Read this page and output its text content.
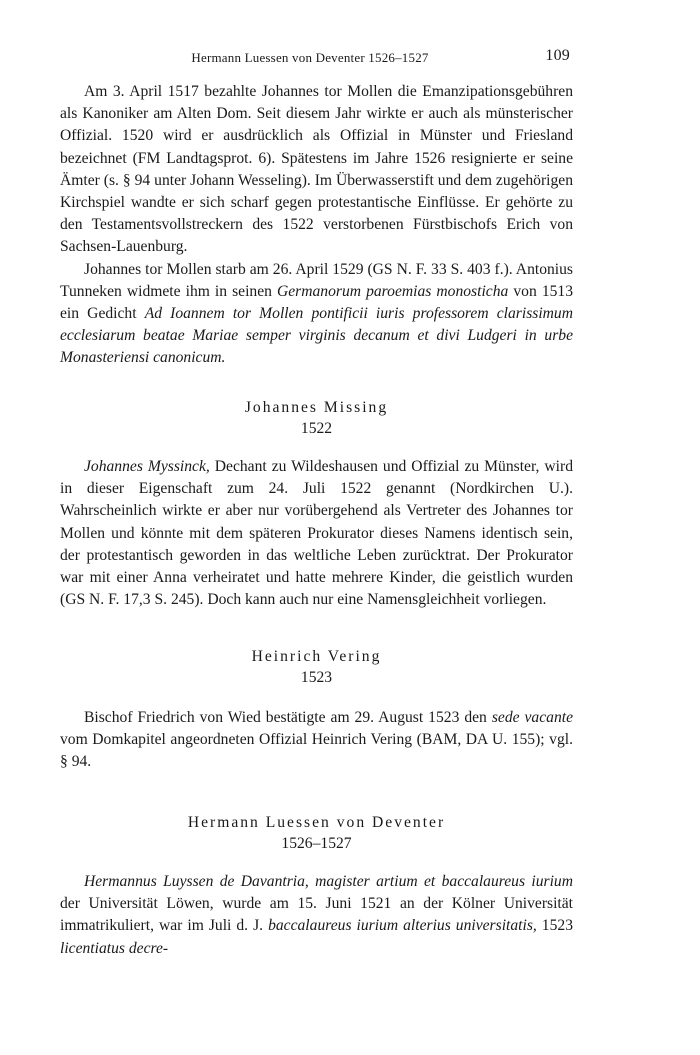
Hermann Luessen von Deventer 1526–1527	109

Am 3. April 1517 bezahlte Johannes tor Mollen die Emanzipationsgebühren als Kanoniker am Alten Dom. Seit diesem Jahr wirkte er auch als münsterischer Offizial. 1520 wird er ausdrücklich als Offizial in Münster und Friesland bezeichnet (FM Landtagsprot. 6). Spätestens im Jahre 1526 resignierte er seine Ämter (s. § 94 unter Johann Wesseling). Im Überwasserstift und dem zugehörigen Kirchspiel wandte er sich scharf gegen protestantische Einflüsse. Er gehörte zu den Testamentsvollstreckern des 1522 verstorbenen Fürstbischofs Erich von Sachsen-Lauenburg.

Johannes tor Mollen starb am 26. April 1529 (GS N. F. 33 S. 403 f.). Antonius Tunneken widmete ihm in seinen Germanorum paroemias monosticha von 1513 ein Gedicht Ad Ioannem tor Mollen pontificii iuris professorem clarissimum ecclesiarum beatae Mariae semper virginis decanum et divi Ludgeri in urbe Monasteriensi canonicum.

Johannes Missing
1522

Johannes Myssinck, Dechant zu Wildeshausen und Offizial zu Münster, wird in dieser Eigenschaft zum 24. Juli 1522 genannt (Nordkirchen U.). Wahrscheinlich wirkte er aber nur vorübergehend als Vertreter des Johannes tor Mollen und könnte mit dem späteren Prokurator dieses Namens identisch sein, der protestantisch geworden in das weltliche Leben zurücktrat. Der Prokurator war mit einer Anna verheiratet und hatte mehrere Kinder, die geistlich wurden (GS N. F. 17,3 S. 245). Doch kann auch nur eine Namensgleichheit vorliegen.

Heinrich Vering
1523

Bischof Friedrich von Wied bestätigte am 29. August 1523 den sede vacante vom Domkapitel angeordneten Offizial Heinrich Vering (BAM, DA U. 155); vgl. § 94.

Hermann Luessen von Deventer
1526–1527

Hermannus Luyssen de Davantria, magister artium et baccalaureus iurium der Universität Löwen, wurde am 15. Juni 1521 an der Kölner Universität immatrikuliert, war im Juli d. J. baccalaureus iurium alterius universitatis, 1523 licentiatus decre-
